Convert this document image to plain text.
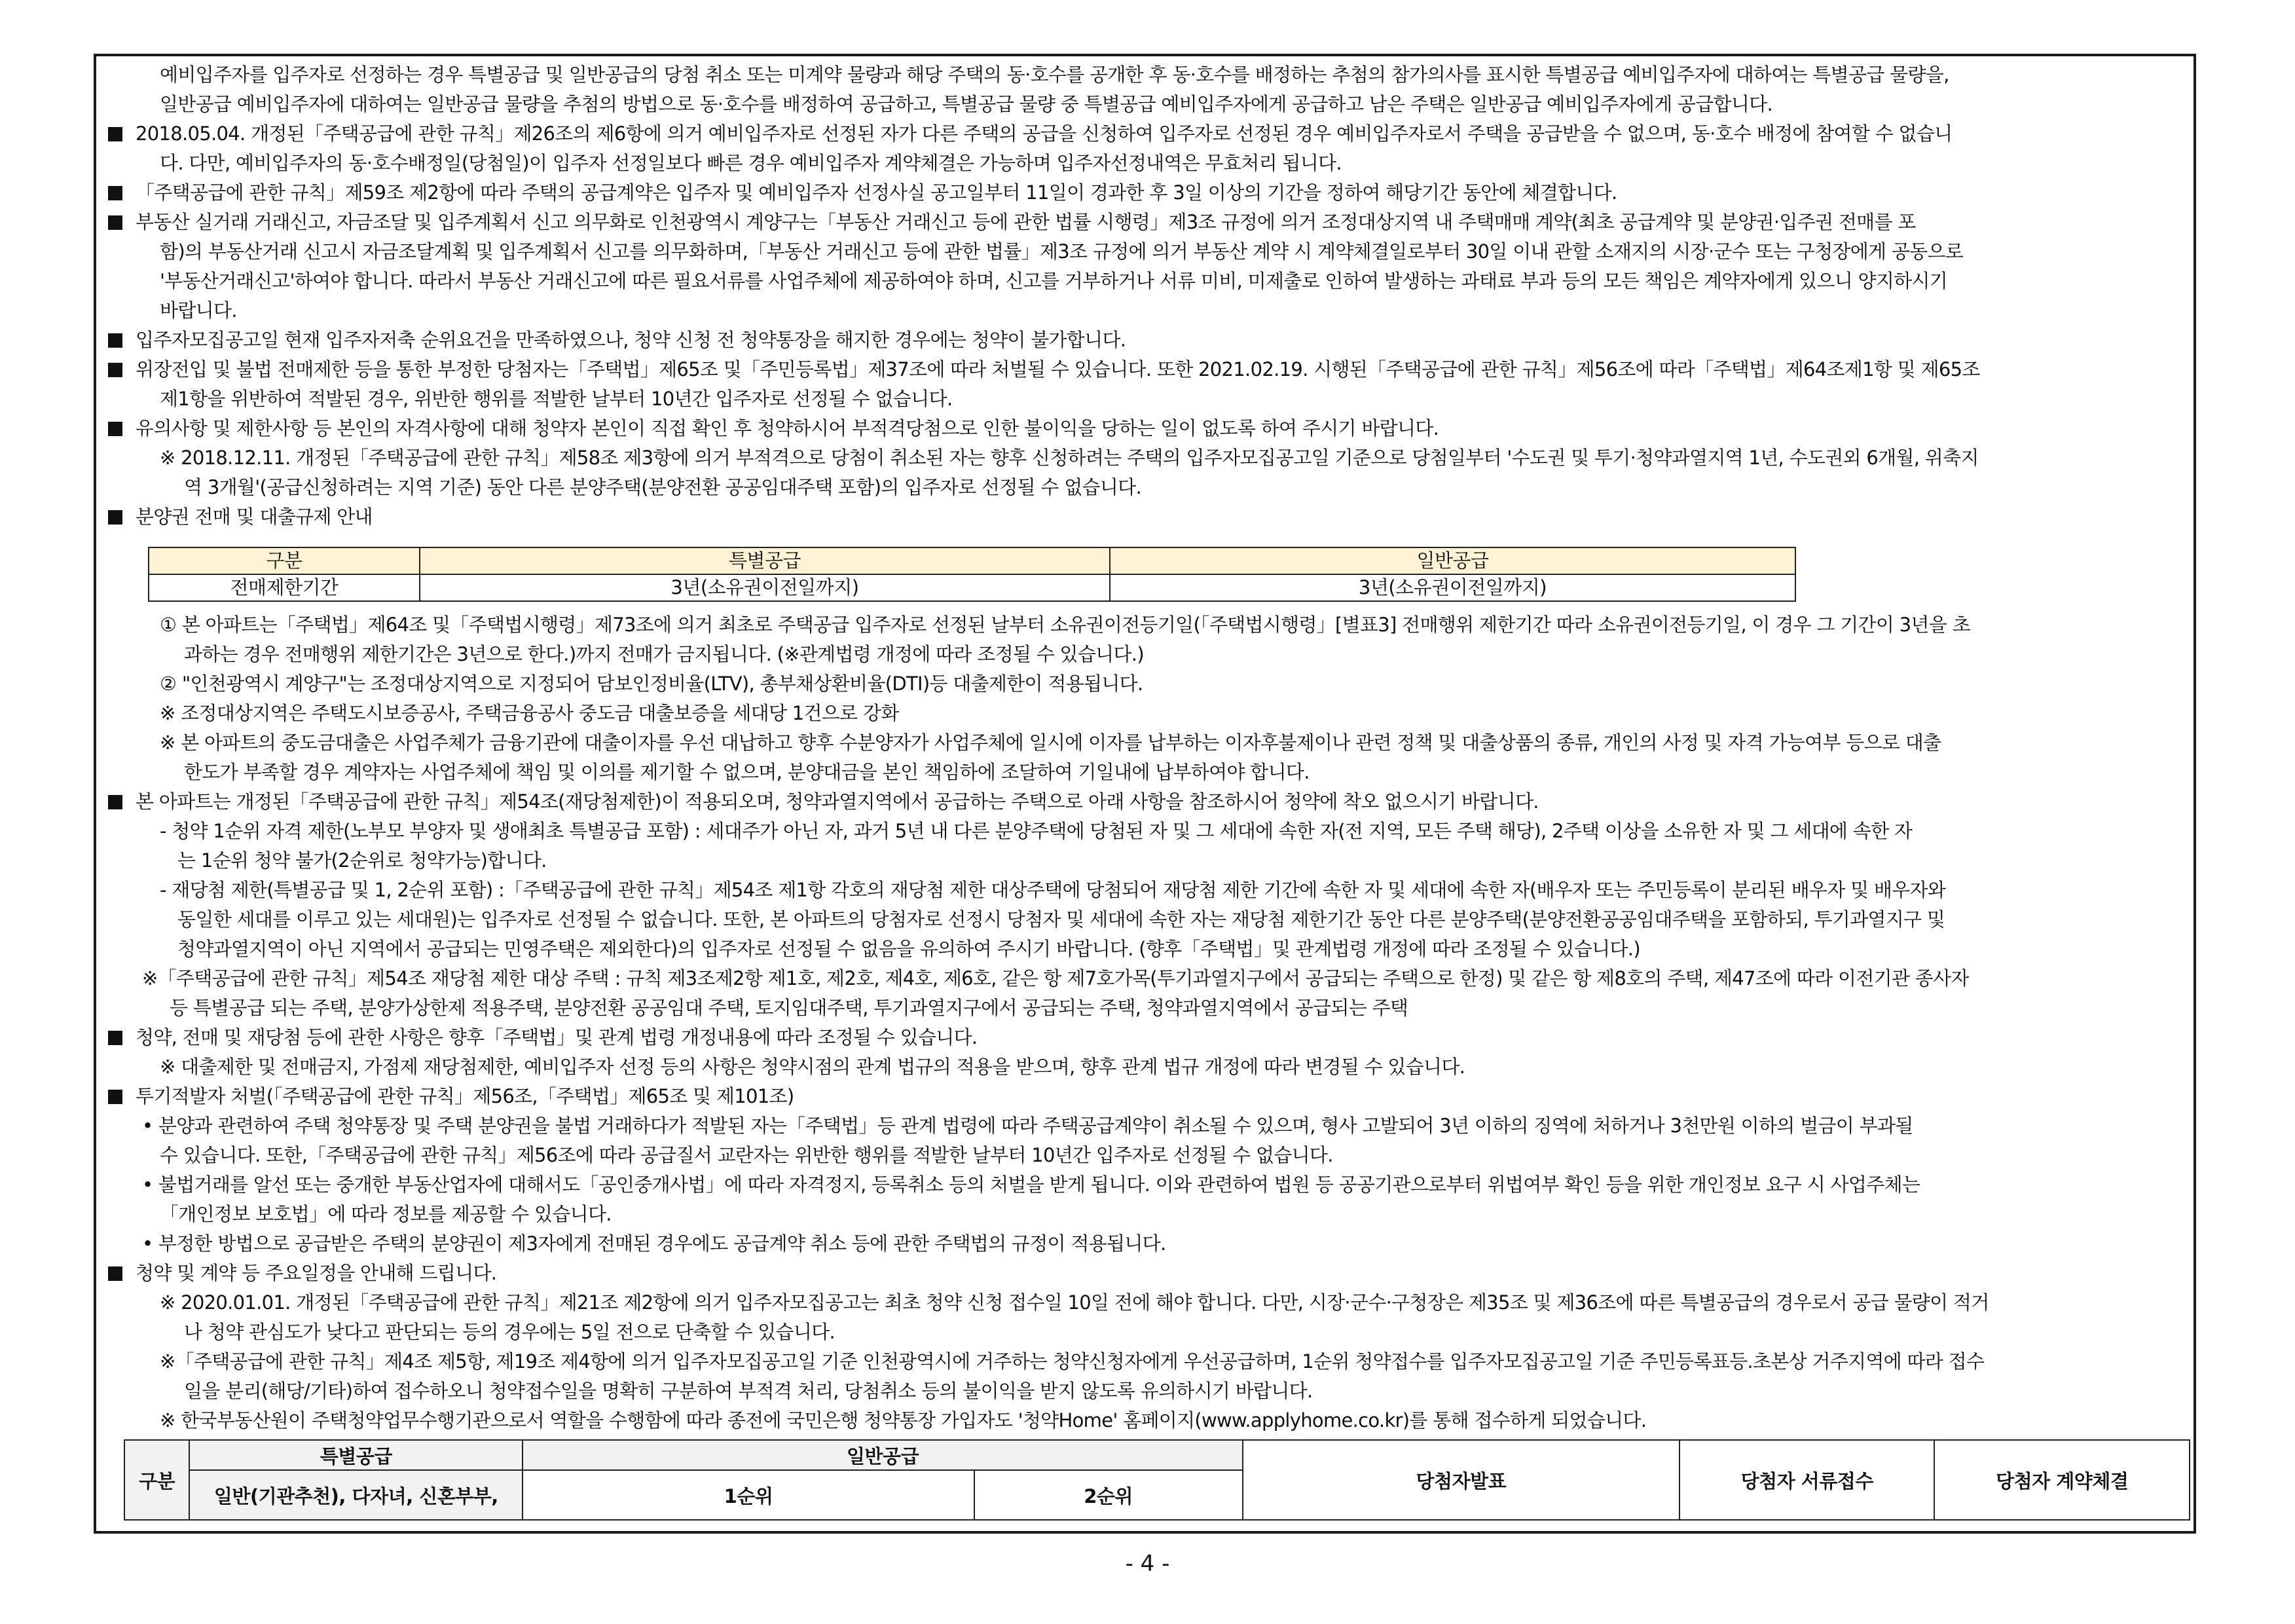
예비입주자를 입주자로 선정하는 경우 특별공급 및 일반공급의 당첨 취소 또는 미계약 물량과 해당 주택의 동·호수를 공개한 후 동·호수를 배정하는 추첨의 참가의사를 표시한 특별공급 예비입주자에 대하여는 특별공급 물량을,
일반공급 예비입주자에 대하여는 일반공급 물량을 추첨의 방법으로 동·호수를 배정하여 공급하고, 특별공급 물량 중 특별공급 예비입주자에게 공급하고 남은 주택은 일반공급 예비입주자에게 공급합니다.
2018.05.04. 개정된「주택공급에 관한 규칙」제26조의 제6항에 의거 예비입주자로 선정된 자가 다른 주택의 공급을 신청하여 입주자로 선정된 경우 예비입주자로서 주택을 공급받을 수 없으며, 동·호수 배정에 참여할 수 없습니
다. 다만, 예비입주자의 동·호수배정일(당첨일)이 입주자 선정일보다 빠른 경우 예비입주자 계약체결은 가능하며 입주자선정내역은 무효처리 됩니다.
「주택공급에 관한 규칙」제59조 제2항에 따라 주택의 공급계약은 입주자 및 예비입주자 선정사실 공고일부터 11일이 경과한 후 3일 이상의 기간을 정하여 해당기간 동안에 체결합니다.
부동산 실거래 거래신고, 자금조달 및 입주계획서 신고 의무화로 인천광역시 계양구는「부동산 거래신고 등에 관한 법률 시행령」제3조 규정에 의거 조정대상지역 내 주택매매 계약(최초 공급계약 및 분양권·입주권 전매를 포
함)의 부동산거래 신고시 자금조달계획 및 입주계획서 신고를 의무화하며,「부동산 거래신고 등에 관한 법률」제3조 규정에 의거 부동산 계약 시 계약체결일로부터 30일 이내 관할 소재지의 시장·군수 또는 구청장에게 공동으로
'부동산거래신고'하여야 합니다. 따라서 부동산 거래신고에 따른 필요서류를 사업주체에 제공하여야 하며, 신고를 거부하거나 서류 미비, 미제출로 인하여 발생하는 과태료 부과 등의 모든 책임은 계약자에게 있으니 양지하시기
바랍니다.
입주자모집공고일 현재 입주자저축 순위요건을 만족하였으나, 청약 신청 전 청약통장을 해지한 경우에는 청약이 불가합니다.
위장전입 및 불법 전매제한 등을 통한 부정한 당첨자는「주택법」제65조 및「주민등록법」제37조에 따라 처벌될 수 있습니다. 또한 2021.02.19. 시행된「주택공급에 관한 규칙」제56조에 따라「주택법」제64조제1항 및 제65조
제1항을 위반하여 적발된 경우, 위반한 행위를 적발한 날부터 10년간 입주자로 선정될 수 없습니다.
유의사항 및 제한사항 등 본인의 자격사항에 대해 청약자 본인이 직접 확인 후 청약하시어 부적격당첨으로 인한 불이익을 당하는 일이 없도록 하여 주시기 바랍니다.
※ 2018.12.11. 개정된「주택공급에 관한 규칙」제58조 제3항에 의거 부적격으로 당첨이 취소된 자는 향후 신청하려는 주택의 입주자모집공고일 기준으로 당첨일부터 '수도권 및 투기·청약과열지역 1년, 수도권외 6개월, 위축지
역 3개월'(공급신청하려는 지역 기준) 동안 다른 분양주택(분양전환 공공임대주택 포함)의 입주자로 선정될 수 없습니다.
분양권 전매 및 대출규제 안내
구분	특별공급	일반공급
전매제한기간	3년(소유권이전일까지)	3년(소유권이전일까지)
① 본 아파트는「주택법」제64조 및「주택법시행령」제73조에 의거 최초로 주택공급 입주자로 선정된 날부터 소유권이전등기일(「주택법시행령」[별표3] 전매행위 제한기간 따라 소유권이전등기일, 이 경우 그 기간이 3년을 초
과하는 경우 전매행위 제한기간은 3년으로 한다.)까지 전매가 금지됩니다. (※관계법령 개정에 따라 조정될 수 있습니다.)
② "인천광역시 계양구"는 조정대상지역으로 지정되어 담보인정비율(LTV), 총부채상환비율(DTI)등 대출제한이 적용됩니다.
※ 조정대상지역은 주택도시보증공사, 주택금융공사 중도금 대출보증을 세대당 1건으로 강화
※ 본 아파트의 중도금대출은 사업주체가 금융기관에 대출이자를 우선 대납하고 향후 수분양자가 사업주체에 일시에 이자를 납부하는 이자후불제이나 관련 정책 및 대출상품의 종류, 개인의 사정 및 자격 가능여부 등으로 대출
한도가 부족할 경우 계약자는 사업주체에 책임 및 이의를 제기할 수 없으며, 분양대금을 본인 책임하에 조달하여 기일내에 납부하여야 합니다.
본 아파트는 개정된「주택공급에 관한 규칙」제54조(재당첨제한)이 적용되오며, 청약과열지역에서 공급하는 주택으로 아래 사항을 참조하시어 청약에 착오 없으시기 바랍니다.
- 청약 1순위 자격 제한(노부모 부양자 및 생애최초 특별공급 포함) : 세대주가 아닌 자, 과거 5년 내 다른 분양주택에 당첨된 자 및 그 세대에 속한 자(전 지역, 모든 주택 해당), 2주택 이상을 소유한 자 및 그 세대에 속한 자
는 1순위 청약 불가(2순위로 청약가능)합니다.
- 재당첨 제한(특별공급 및 1, 2순위 포함) :「주택공급에 관한 규칙」제54조 제1항 각호의 재당첨 제한 대상주택에 당첨되어 재당첨 제한 기간에 속한 자 및 세대에 속한 자(배우자 또는 주민등록이 분리된 배우자 및 배우자와
동일한 세대를 이루고 있는 세대원)는 입주자로 선정될 수 없습니다. 또한, 본 아파트의 당첨자로 선정시 당첨자 및 세대에 속한 자는 재당첨 제한기간 동안 다른 분양주택(분양전환공공임대주택을 포함하되, 투기과열지구 및
청약과열지역이 아닌 지역에서 공급되는 민영주택은 제외한다)의 입주자로 선정될 수 없음을 유의하여 주시기 바랍니다. (향후「주택법」및 관계법령 개정에 따라 조정될 수 있습니다.)
※「주택공급에 관한 규칙」제54조 재당첨 제한 대상 주택 : 규칙 제3조제2항 제1호, 제2호, 제4호, 제6호, 같은 항 제7호가목(투기과열지구에서 공급되는 주택으로 한정) 및 같은 항 제8호의 주택, 제47조에 따라 이전기관 종사자
등 특별공급 되는 주택, 분양가상한제 적용주택, 분양전환 공공임대 주택, 토지임대주택, 투기과열지구에서 공급되는 주택, 청약과열지역에서 공급되는 주택
청약, 전매 및 재당첨 등에 관한 사항은 향후「주택법」및 관계 법령 개정내용에 따라 조정될 수 있습니다.
※ 대출제한 및 전매금지, 가점제 재당첨제한, 예비입주자 선정 등의 사항은 청약시점의 관계 법규의 적용을 받으며, 향후 관계 법규 개정에 따라 변경될 수 있습니다.
투기적발자 처벌(「주택공급에 관한 규칙」제56조,「주택법」제65조 및 제101조)
• 분양과 관련하여 주택 청약통장 및 주택 분양권을 불법 거래하다가 적발된 자는「주택법」등 관계 법령에 따라 주택공급계약이 취소될 수 있으며, 형사 고발되어 3년 이하의 징역에 처하거나 3천만원 이하의 벌금이 부과될
수 있습니다. 또한,「주택공급에 관한 규칙」제56조에 따라 공급질서 교란자는 위반한 행위를 적발한 날부터 10년간 입주자로 선정될 수 없습니다.
• 불법거래를 알선 또는 중개한 부동산업자에 대해서도「공인중개사법」에 따라 자격정지, 등록취소 등의 처벌을 받게 됩니다. 이와 관련하여 법원 등 공공기관으로부터 위법여부 확인 등을 위한 개인정보 요구 시 사업주체는
「개인정보 보호법」에 따라 정보를 제공할 수 있습니다.
• 부정한 방법으로 공급받은 주택의 분양권이 제3자에게 전매된 경우에도 공급계약 취소 등에 관한 주택법의 규정이 적용됩니다.
청약 및 계약 등 주요일정을 안내해 드립니다.
※ 2020.01.01. 개정된「주택공급에 관한 규칙」제21조 제2항에 의거 입주자모집공고는 최초 청약 신청 접수일 10일 전에 해야 합니다. 다만, 시장·군수·구청장은 제35조 및 제36조에 따른 특별공급의 경우로서 공급 물량이 적거
나 청약 관심도가 낮다고 판단되는 등의 경우에는 5일 전으로 단축할 수 있습니다.
※「주택공급에 관한 규칙」제4조 제5항, 제19조 제4항에 의거 입주자모집공고일 기준 인천광역시에 거주하는 청약신청자에게 우선공급하며, 1순위 청약접수를 입주자모집공고일 기준 주민등록표등.초본상 거주지역에 따라 접수
일을 분리(해당/기타)하여 접수하오니 청약접수일을 명확히 구분하여 부적격 처리, 당첨취소 등의 불이익을 받지 않도록 유의하시기 바랍니다.
※ 한국부동산원이 주택청약업무수행기관으로서 역할을 수행함에 따라 종전에 국민은행 청약통장 가입자도 '청약Home' 홈페이지(www.applyhome.co.kr)를 통해 접수하게 되었습니다.
구분	특별공급	일반공급		당첨자발표	당첨자 서류접수	당첨자 계약체결
	일반(기관추천), 다자녀, 신혼부부,	1순위	2순위			
- 4 -
